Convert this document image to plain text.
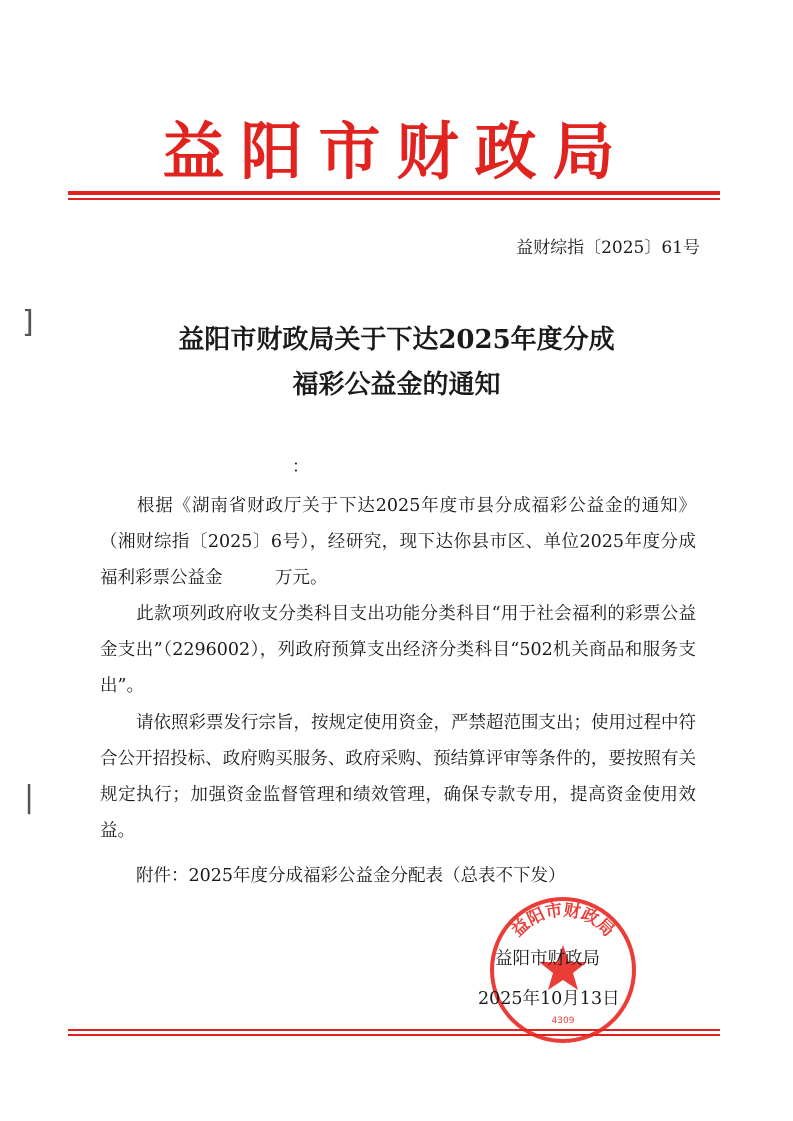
益阳市财政局
益财综指〔2025〕61号
]
|
益阳市财政局关于下达2025年度分成
福彩公益金的通知
：
根据《湖南省财政厅关于下达2025年度市县分成福彩公益金的通知》（湘财综指〔2025〕6号），经研究，现下达你县市区、单位2025年度分成福利彩票公益金　　　万元。
此款项列政府收支分类科目支出功能分类科目“用于社会福利的彩票公益金支出”（2296002），列政府预算支出经济分类科目“502机关商品和服务支出”。
请依照彩票发行宗旨，按规定使用资金，严禁超范围支出；使用过程中符合公开招投标、政府购买服务、政府采购、预结算评审等条件的，要按照有关规定执行；加强资金监督管理和绩效管理，确保专款专用，提高资金使用效益。
附件：2025年度分成福彩公益金分配表（总表不下发）
益阳市财政局
4309
益阳市财政局
2025年10月13日
